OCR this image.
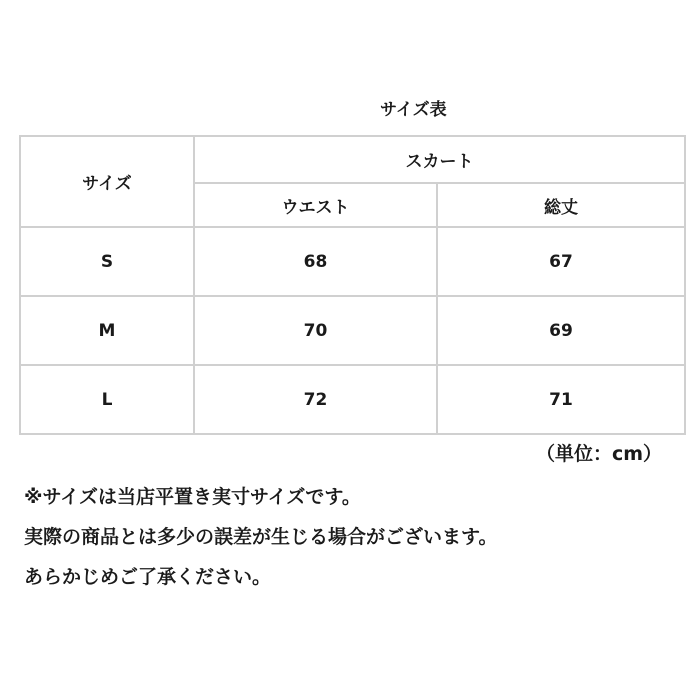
サイズ表
サイズ	スカート	
	ウエスト	総丈
S	68	67
M	70	69
L	72	71
（単位：cm）
※サイズは当店平置き実寸サイズです。
実際の商品とは多少の誤差が生じる場合がございます。
あらかじめご了承ください。
